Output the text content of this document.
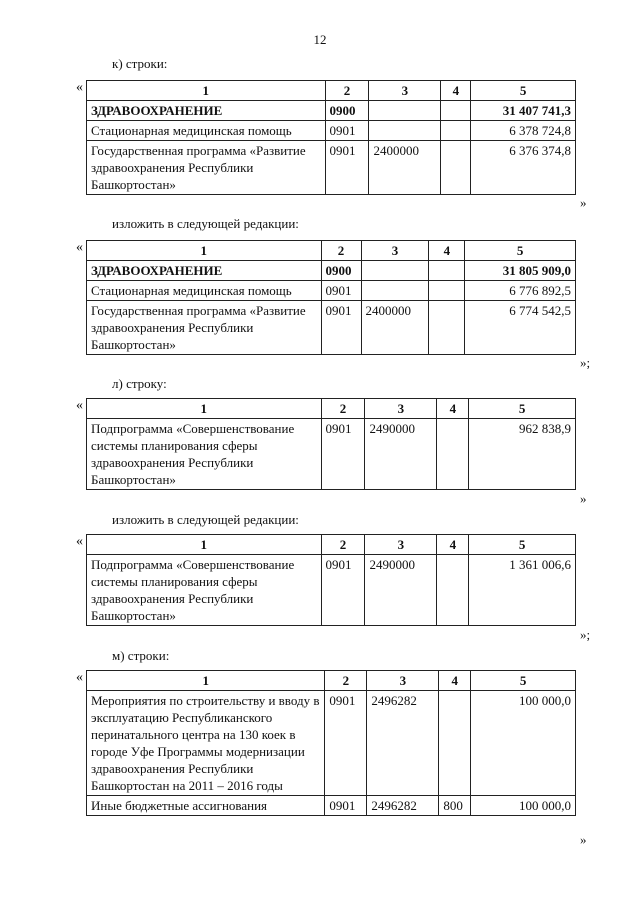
12
к) строки:
«	1	2	3	4	5
ЗДРАВООХРАНЕНИЕ	0900			31 407 741,3
Стационарная медицинская помощь	0901			6 378 724,8
Государственная программа «Развитие здравоохранения Республики Башкортостан»	0901	2400000		6 376 374,8
»
изложить в следующей редакции:
«	1	2	3	4	5
ЗДРАВООХРАНЕНИЕ	0900			31 805 909,0
Стационарная медицинская помощь	0901			6 776 892,5
Государственная программа «Развитие здравоохранения Республики Башкортостан»	0901	2400000		6 774 542,5
»;
л) строку:
«	1	2	3	4	5
Подпрограмма «Совершенствование системы планирования сферы здравоохранения Республики Башкортостан»	0901	2490000		962 838,9
»
изложить в следующей редакции:
«	1	2	3	4	5
Подпрограмма «Совершенствование системы планирования сферы здравоохранения Республики Башкортостан»	0901	2490000		1 361 006,6
»;
м) строки:
«	1	2	3	4	5
Мероприятия по строительству и вводу в эксплуатацию Республиканского перинатального центра на 130 коек в городе Уфе Программы модернизации здравоохранения Республики Башкортостан на 2011 – 2016 годы	0901	2496282		100 000,0
Иные бюджетные ассигнования	0901	2496282	800	100 000,0
»
